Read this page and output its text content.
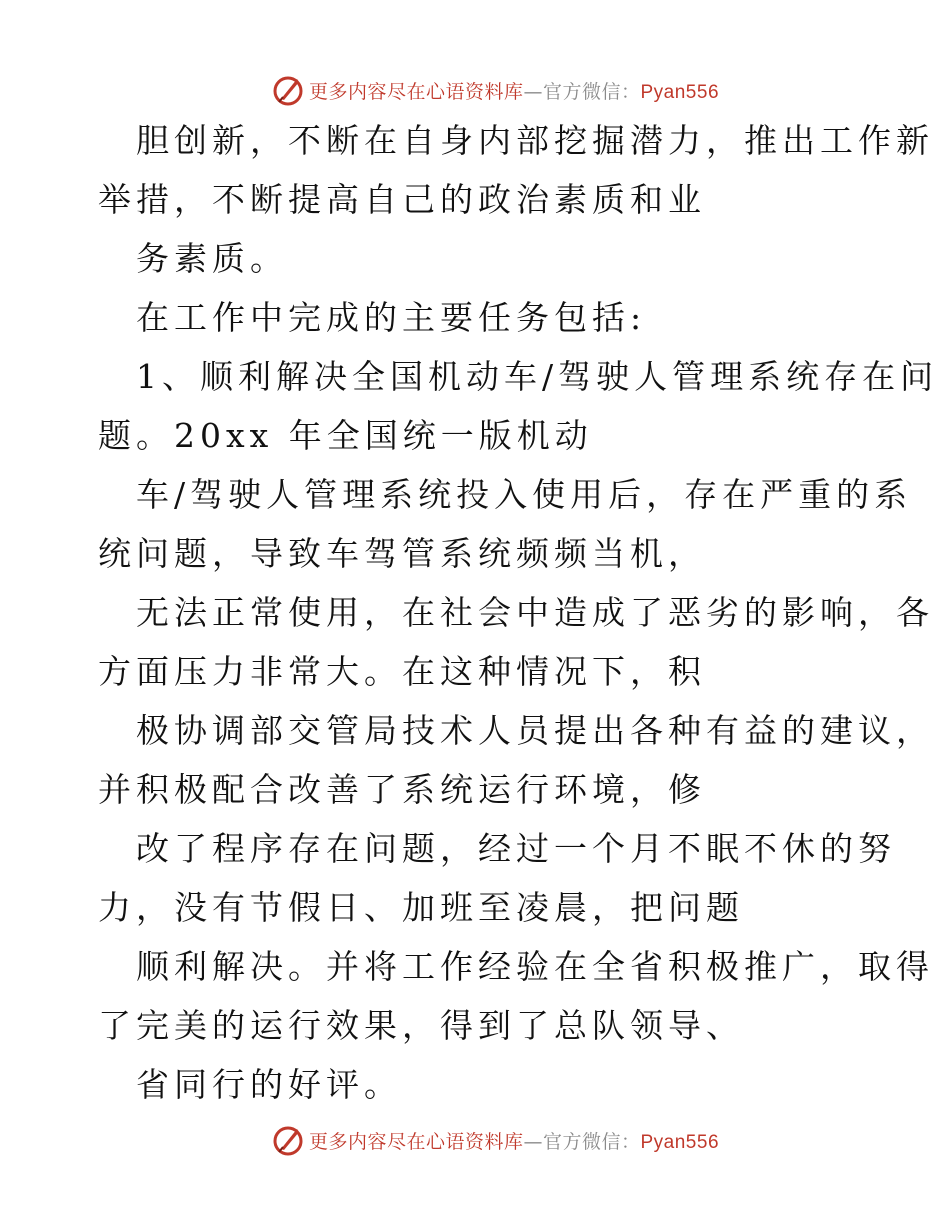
更多内容尽在心语资料库—官方微信：Pyan556
胆创新，不断在自身内部挖掘潜力，推出工作新
举措，不断提高自己的政治素质和业
务素质。
在工作中完成的主要任务包括:
1、顺利解决全国机动车/驾驶人管理系统存在问
题。20xx 年全国统一版机动
车/驾驶人管理系统投入使用后，存在严重的系
统问题，导致车驾管系统频频当机，
无法正常使用，在社会中造成了恶劣的影响，各
方面压力非常大。在这种情况下，积
极协调部交管局技术人员提出各种有益的建议，
并积极配合改善了系统运行环境，修
改了程序存在问题，经过一个月不眠不休的努
力，没有节假日、加班至凌晨，把问题
顺利解决。并将工作经验在全省积极推广，取得
了完美的运行效果，得到了总队领导、
省同行的好评。
更多内容尽在心语资料库—官方微信：Pyan556
